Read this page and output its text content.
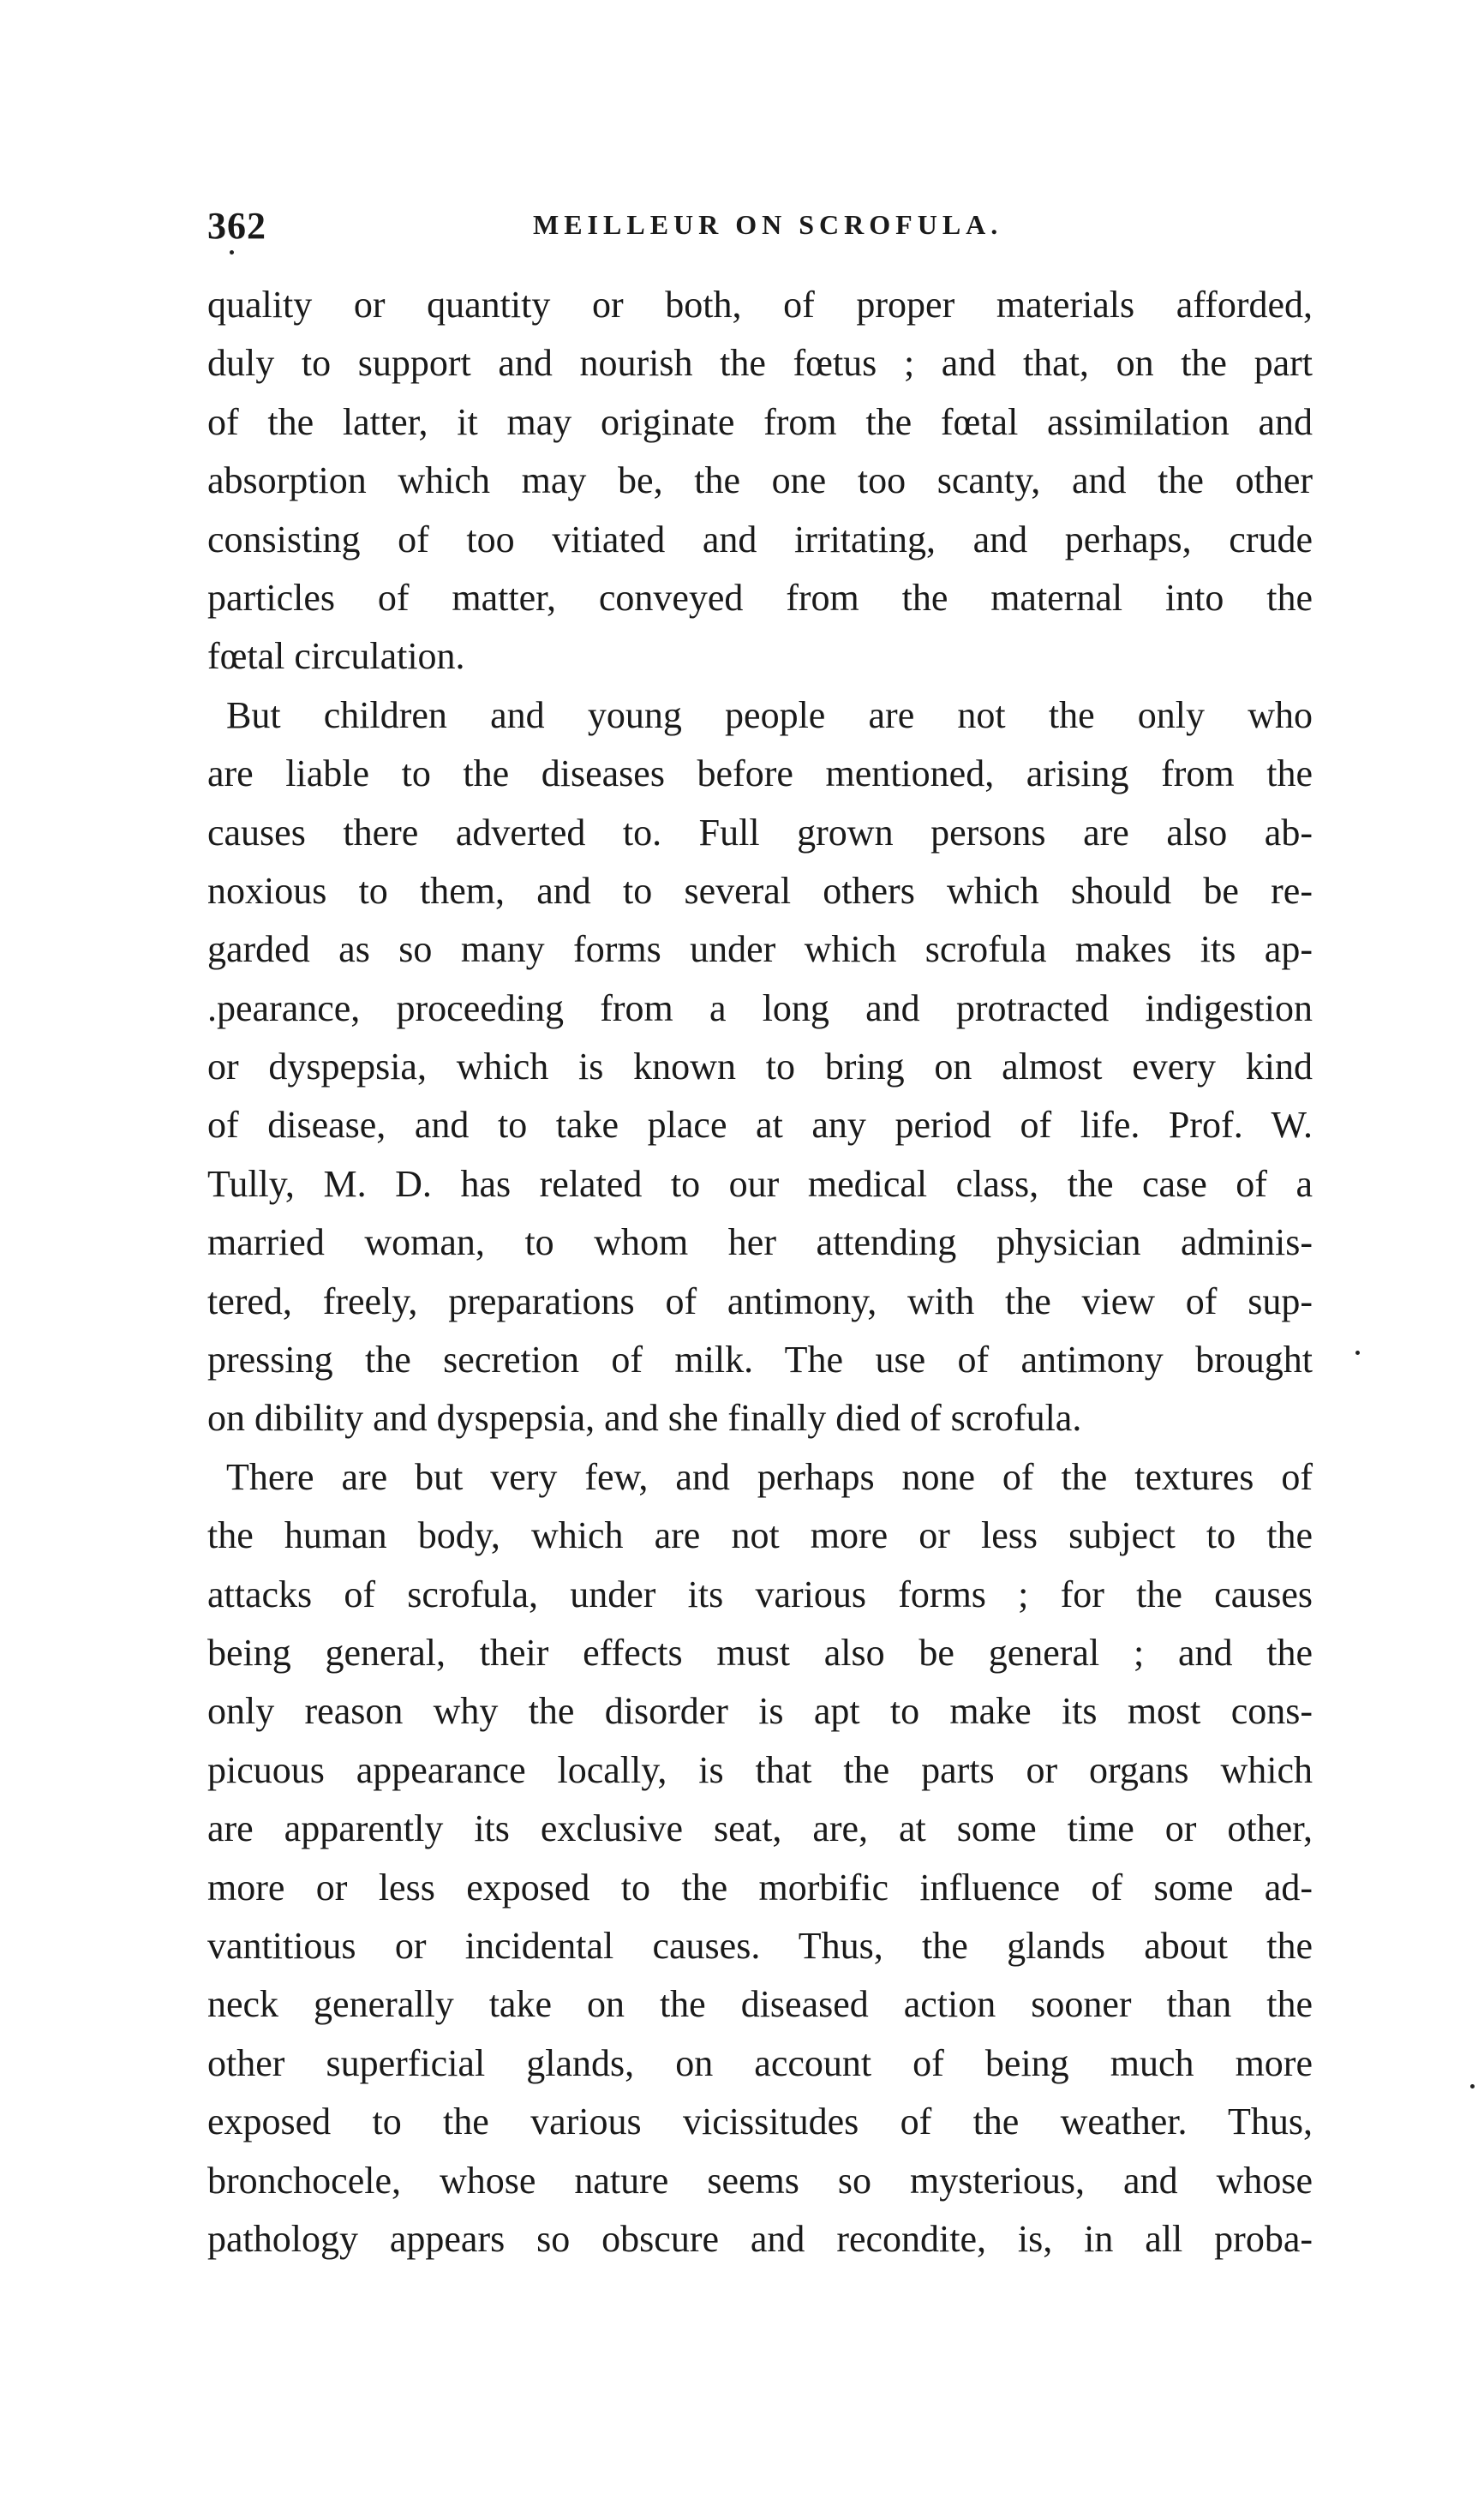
362	MEILLEUR ON SCROFULA.
quality or quantity or both, of proper materials afforded,
duly to support and nourish the fœtus ; and that, on the part
of the latter, it may originate from the fœtal assimilation and
absorption which may be, the one too scanty, and the other
consisting of too vitiated and irritating, and perhaps, crude
particles of matter, conveyed from the maternal into the
fœtal circulation.
But children and young people are not the only who
are liable to the diseases before mentioned, arising from the
causes there adverted to. Full grown persons are also ab-
noxious to them, and to several others which should be re-
garded as so many forms under which scrofula makes its ap-
.pearance, proceeding from a long and protracted indigestion
or dyspepsia, which is known to bring on almost every kind
of disease, and to take place at any period of life. Prof. W.
Tully, M. D. has related to our medical class, the case of a
married woman, to whom her attending physician adminis-
tered, freely, preparations of antimony, with the view of sup-
pressing the secretion of milk. The use of antimony brought
on dibility and dyspepsia, and she finally died of scrofula.
There are but very few, and perhaps none of the textures of
the human body, which are not more or less subject to the
attacks of scrofula, under its various forms ; for the causes
being general, their effects must also be general ; and the
only reason why the disorder is apt to make its most cons-
picuous appearance locally, is that the parts or organs which
are apparently its exclusive seat, are, at some time or other,
more or less exposed to the morbific influence of some ad-
vantitious or incidental causes. Thus, the glands about the
neck generally take on the diseased action sooner than the
other superficial glands, on account of being much more
exposed to the various vicissitudes of the weather. Thus,
bronchocele, whose nature seems so mysterious, and whose
pathology appears so obscure and recondite, is, in all proba-
